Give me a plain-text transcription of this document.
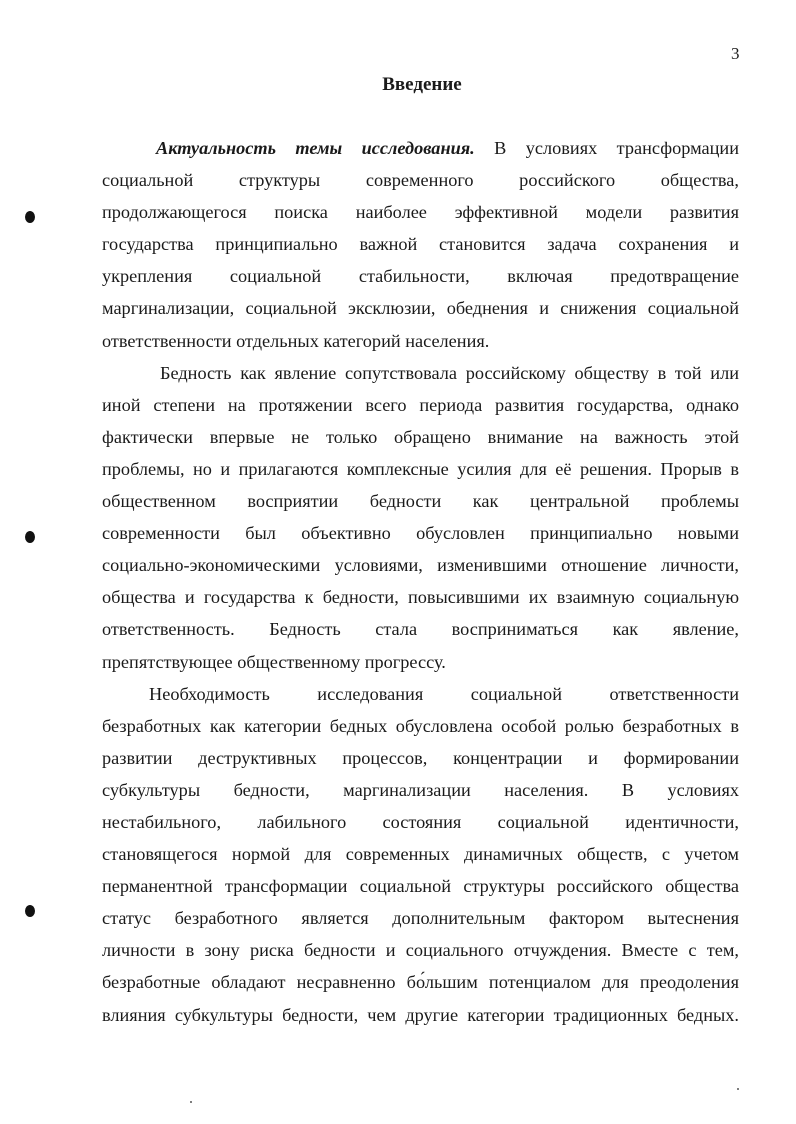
3
Введение
Актуальность темы исследования. В условиях трансформации
социальной структуры современного российского общества,
продолжающегося поиска наиболее эффективной модели развития
государства принципиально важной становится задача сохранения и
укрепления социальной стабильности, включая предотвращение
маргинализации, социальной эксклюзии, обеднения и снижения социальной
ответственности отдельных категорий населения.
Бедность как явление сопутствовала российскому обществу в той или
иной степени на протяжении всего периода развития государства, однако
фактически впервые не только обращено внимание на важность этой
проблемы, но и прилагаются комплексные усилия для её решения. Прорыв в
общественном восприятии бедности как центральной проблемы
современности был объективно обусловлен принципиально новыми
социально-экономическими условиями, изменившими отношение личности,
общества и государства к бедности, повысившими их взаимную социальную
ответственность. Бедность стала восприниматься как явление,
препятствующее общественному прогрессу.
Необходимость исследования социальной ответственности
безработных как категории бедных обусловлена особой ролью безработных в
развитии деструктивных процессов, концентрации и формировании
субкультуры бедности, маргинализации населения. В условиях
нестабильного, лабильного состояния социальной идентичности,
становящегося нормой для современных динамичных обществ, с учетом
перманентной трансформации социальной структуры российского общества
статус безработного является дополнительным фактором вытеснения
личности в зону риска бедности и социального отчуждения. Вместе с тем,
безработные обладают несравненно бо́льшим потенциалом для преодоления
влияния субкультуры бедности, чем другие категории традиционных бедных.
